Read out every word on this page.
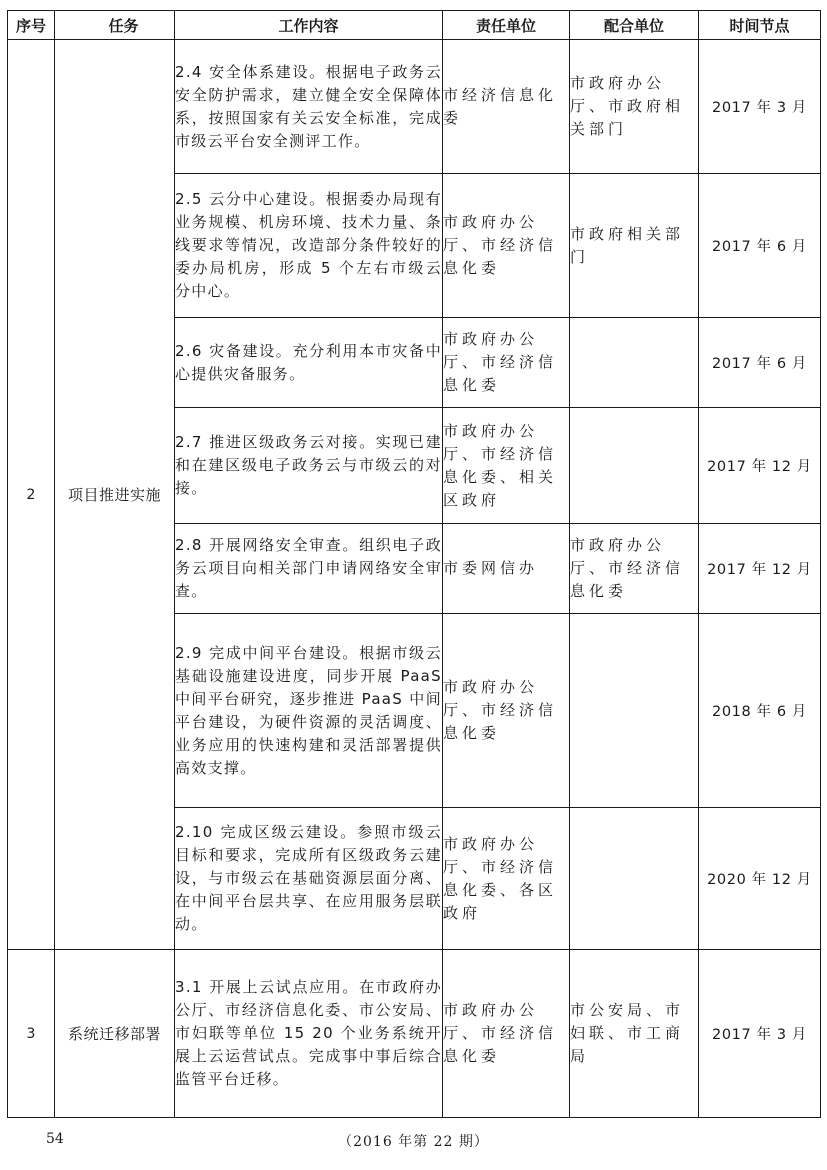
序号	任务	工作内容	责任单位	配合单位	时间节点
2	项目推进实施	2.4 安全体系建设。根据电子政务云安全防护需求，建立健全安全保障体系，按照国家有关云安全标准，完成市级云平台安全测评工作。	市经济信息化委	市政府办公厅、市政府相关部门	2017 年 3 月
		2.5 云分中心建设。根据委办局现有业务规模、机房环境、技术力量、条线要求等情况，改造部分条件较好的委办局机房，形成 5 个左右市级云分中心。	市政府办公厅、市经济信息化委	市政府相关部门	2017 年 6 月
		2.6 灾备建设。充分利用本市灾备中心提供灾备服务。	市政府办公厅、市经济信息化委		2017 年 6 月
		2.7 推进区级政务云对接。实现已建和在建区级电子政务云与市级云的对接。	市政府办公厅、市经济信息化委、相关区政府		2017 年 12 月
		2.8 开展网络安全审查。组织电子政务云项目向相关部门申请网络安全审查。	市委网信办	市政府办公厅、市经济信息化委	2017 年 12 月
		2.9 完成中间平台建设。根据市级云基础设施建设进度，同步开展 PaaS 中间平台研究，逐步推进 PaaS 中间平台建设，为硬件资源的灵活调度、业务应用的快速构建和灵活部署提供高效支撑。	市政府办公厅、市经济信息化委		2018 年 6 月
		2.10 完成区级云建设。参照市级云目标和要求，完成所有区级政务云建设，与市级云在基础资源层面分离、在中间平台层共享、在应用服务层联动。	市政府办公厅、市经济信息化委、各区政府		2020 年 12 月
3	系统迁移部署	3.1 开展上云试点应用。在市政府办公厅、市经济信息化委、市公安局、市妇联等单位 15 20 个业务系统开展上云运营试点。完成事中事后综合监管平台迁移。	市政府办公厅、市经济信息化委	市公安局、市妇联、市工商局	2017 年 3 月
54	（2016 年第 22 期）
